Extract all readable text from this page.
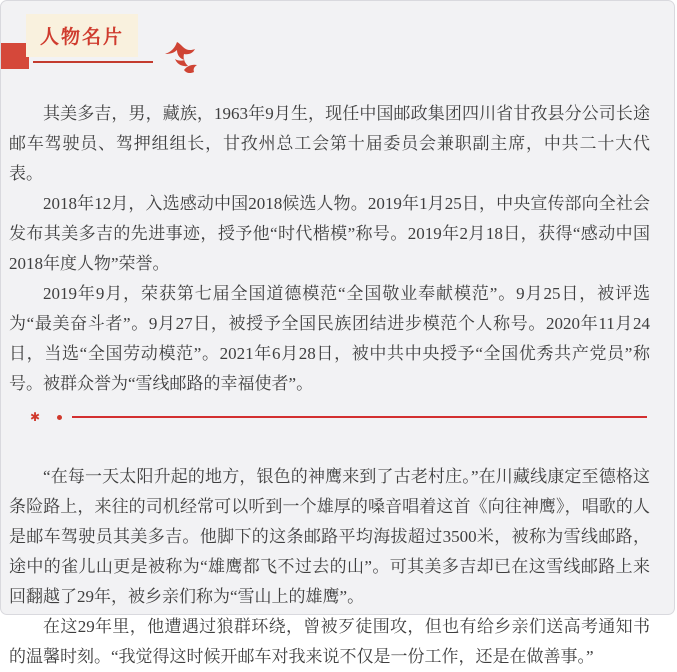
人物名片

其美多吉，男，藏族，1963年9月生，现任中国邮政集团四川省甘孜县分公司长途邮车驾驶员、驾押组组长，甘孜州总工会第十届委员会兼职副主席，中共二十大代表。

2018年12月，入选感动中国2018候选人物。2019年1月25日，中央宣传部向全社会发布其美多吉的先进事迹，授予他“时代楷模”称号。2019年2月18日，获得“感动中国2018年度人物”荣誉。

2019年9月，荣获第七届全国道德模范“全国敬业奉献模范”。9月25日，被评选为“最美奋斗者”。9月27日，被授予全国民族团结进步模范个人称号。2020年11月24日，当选“全国劳动模范”。2021年6月28日，被中共中央授予“全国优秀共产党员”称号。被群众誉为“雪线邮路的幸福使者”。

✱

“在每一天太阳升起的地方，银色的神鹰来到了古老村庄。”在川藏线康定至德格这条险路上，来往的司机经常可以听到一个雄厚的嗓音唱着这首《向往神鹰》，唱歌的人是邮车驾驶员其美多吉。他脚下的这条邮路平均海拔超过3500米，被称为雪线邮路，途中的雀儿山更是被称为“雄鹰都飞不过去的山”。可其美多吉却已在这雪线邮路上来回翻越了29年，被乡亲们称为“雪山上的雄鹰”。

在这29年里，他遭遇过狼群环绕，曾被歹徒围攻，但也有给乡亲们送高考通知书的温馨时刻。“我觉得这时候开邮车对我来说不仅是一份工作，还是在做善事。”
